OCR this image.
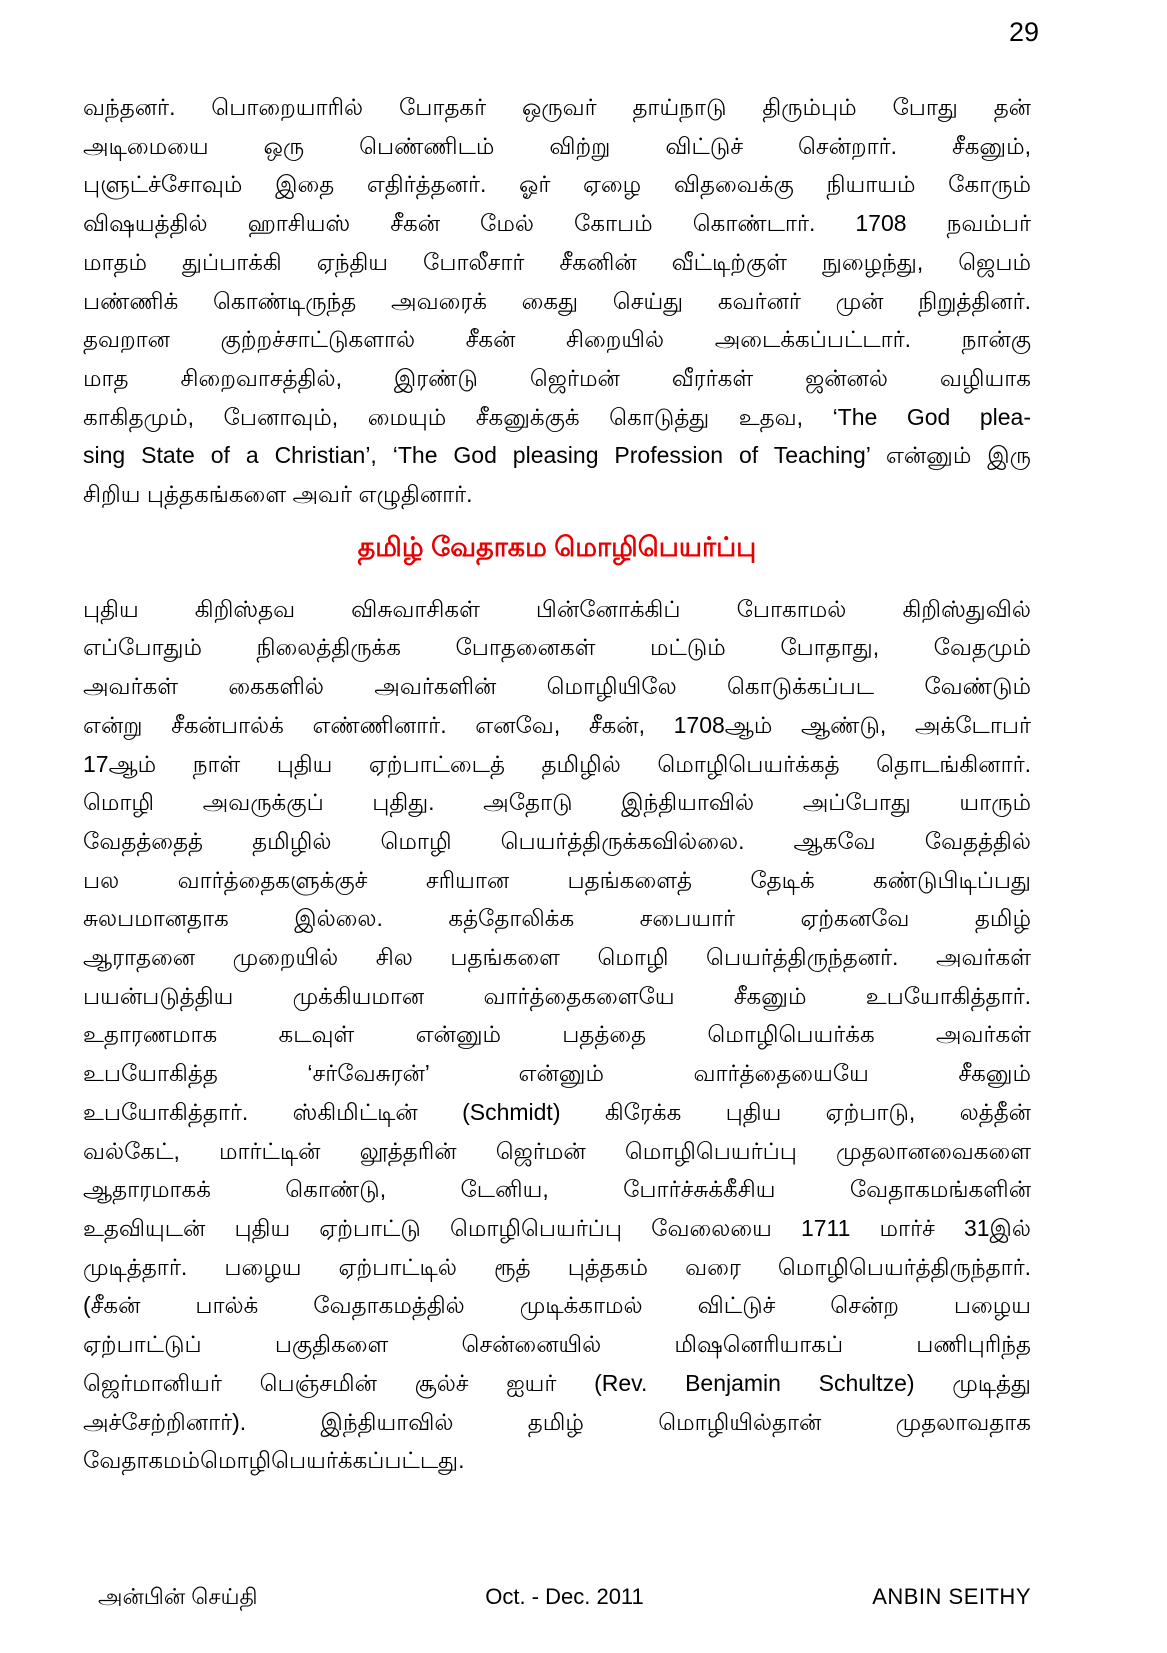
29
வந்தனர். பொறையாரில் போதகர் ஒருவர் தாய்நாடு திரும்பும் போது தன்
அடிமையை ஒரு பெண்ணிடம் விற்று விட்டுச் சென்றார். சீகனும்,
புளுட்ச்சோவும் இதை எதிர்த்தனர். ஓர் ஏழை விதவைக்கு நியாயம் கோரும்
விஷயத்தில் ஹாசியஸ் சீகன் மேல் கோபம் கொண்டார். 1708 நவம்பர்
மாதம் துப்பாக்கி ஏந்திய போலீசார் சீகனின் வீட்டிற்குள் நுழைந்து, ஜெபம்
பண்ணிக் கொண்டிருந்த அவரைக் கைது செய்து கவர்னர் முன் நிறுத்தினர்.
தவறான குற்றச்சாட்டுகளால் சீகன் சிறையில் அடைக்கப்பட்டார். நான்கு
மாத சிறைவாசத்தில், இரண்டு ஜெர்மன் வீரர்கள் ஜன்னல் வழியாக
காகிதமும், பேனாவும், மையும் சீகனுக்குக் கொடுத்து உதவ, ‘The God plea-
sing State of a Christian’, ‘The God pleasing Profession of Teaching’ என்னும் இரு
சிறிய புத்தகங்களை அவர் எழுதினார்.
தமிழ் வேதாகம மொழிபெயர்ப்பு
புதிய கிறிஸ்தவ விசுவாசிகள் பின்னோக்கிப் போகாமல் கிறிஸ்துவில்
எப்போதும் நிலைத்திருக்க போதனைகள் மட்டும் போதாது, வேதமும்
அவர்கள் கைகளில் அவர்களின் மொழியிலே கொடுக்கப்பட வேண்டும்
என்று சீகன்பால்க் எண்ணினார். எனவே, சீகன், 1708ஆம் ஆண்டு, அக்டோபர்
17ஆம் நாள் புதிய ஏற்பாட்டைத் தமிழில் மொழிபெயர்க்கத் தொடங்கினார்.
மொழி அவருக்குப் புதிது. அதோடு இந்தியாவில் அப்போது யாரும்
வேதத்தைத் தமிழில் மொழி பெயர்த்திருக்கவில்லை. ஆகவே வேதத்தில்
பல வார்த்தைகளுக்குச் சரியான பதங்களைத் தேடிக் கண்டுபிடிப்பது
சுலபமானதாக இல்லை. கத்தோலிக்க சபையார் ஏற்கனவே தமிழ்
ஆராதனை முறையில் சில பதங்களை மொழி பெயர்த்திருந்தனர். அவர்கள்
பயன்படுத்திய முக்கியமான வார்த்தைகளையே சீகனும் உபயோகித்தார்.
உதாரணமாக கடவுள் என்னும் பதத்தை மொழிபெயர்க்க அவர்கள்
உபயோகித்த ‘சர்வேசுரன்’ என்னும் வார்த்தையையே சீகனும்
உபயோகித்தார். ஸ்கிமிட்டின் (Schmidt) கிரேக்க புதிய ஏற்பாடு, லத்தீன்
வல்கேட், மார்ட்டின் லூத்தரின் ஜெர்மன் மொழிபெயர்ப்பு முதலானவைகளை
ஆதாரமாகக் கொண்டு, டேனிய, போர்ச்சுக்கீசிய வேதாகமங்களின்
உதவியுடன் புதிய ஏற்பாட்டு மொழிபெயர்ப்பு வேலையை 1711 மார்ச் 31இல்
முடித்தார். பழைய ஏற்பாட்டில் ரூத் புத்தகம் வரை மொழிபெயர்த்திருந்தார்.
(சீகன் பால்க் வேதாகமத்தில் முடிக்காமல் விட்டுச் சென்ற பழைய
ஏற்பாட்டுப் பகுதிகளை சென்னையில் மிஷனெரியாகப் பணிபுரிந்த
ஜெர்மானியர் பெஞ்சமின் சூல்ச் ஐயர் (Rev. Benjamin Schultze) முடித்து
அச்சேற்றினார்). இந்தியாவில் தமிழ் மொழியில்தான் முதலாவதாக
வேதாகமம்மொழிபெயர்க்கப்பட்டது.
அன்பின் செய்தி	Oct. - Dec. 2011	ANBIN SEITHY
